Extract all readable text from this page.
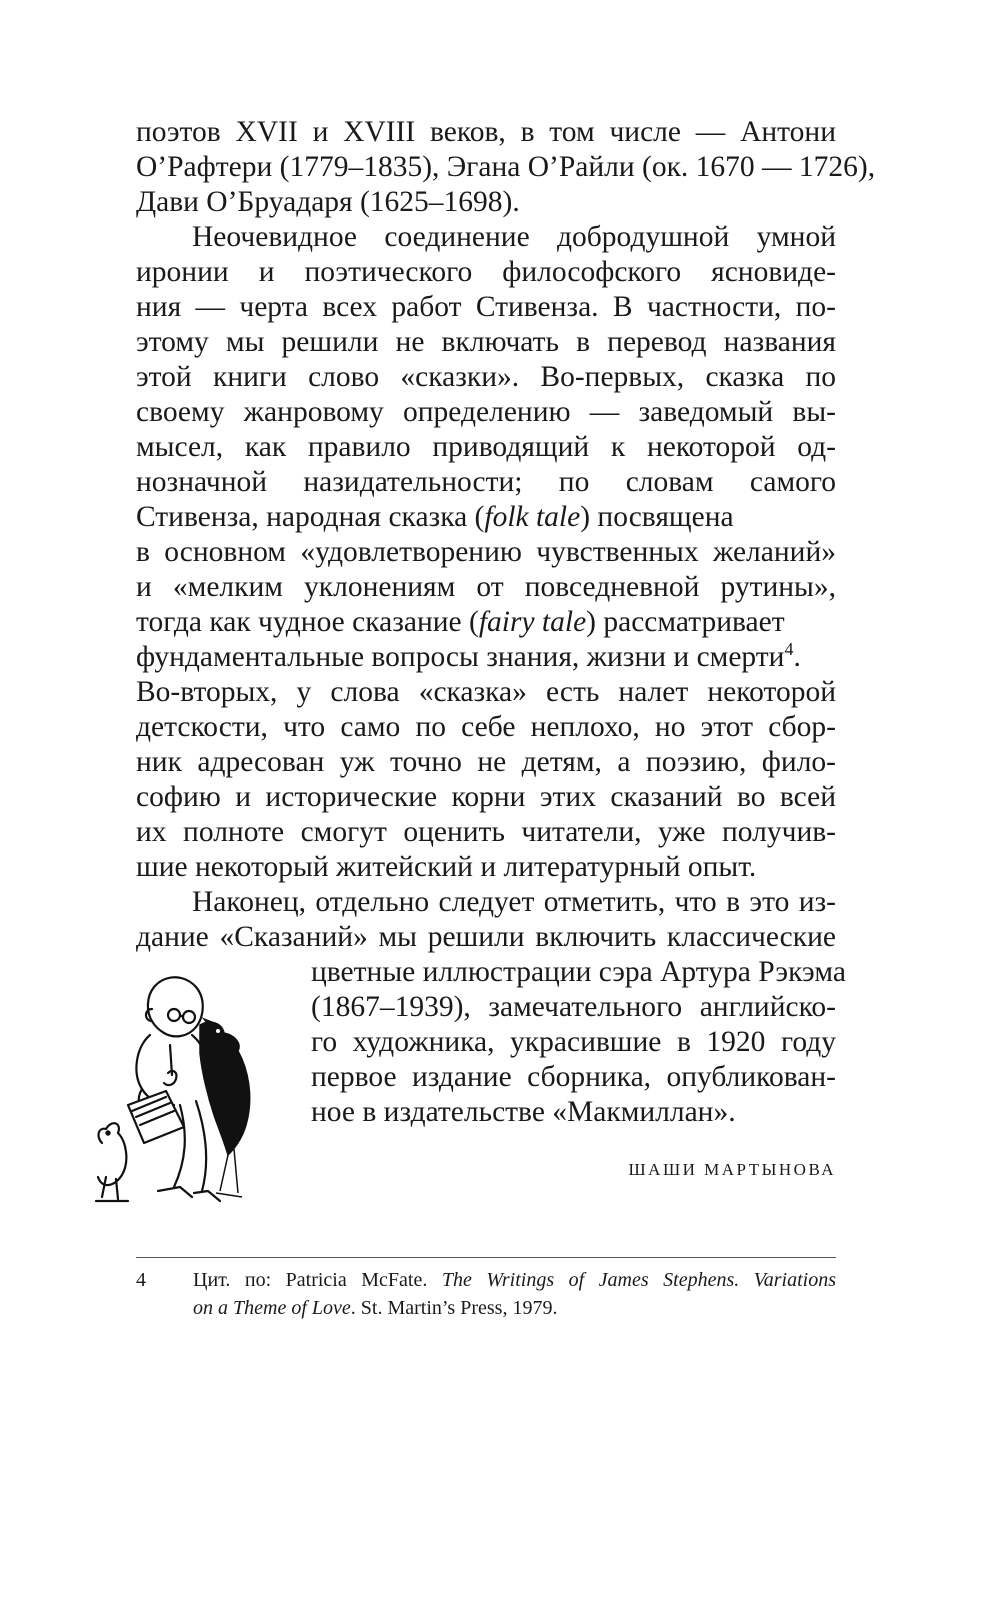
поэтов XVII и XVIII веков, в том числе — Антони
О’Рафтери (1779–1835), Эгана О’Райли (ок. 1670 — 1726),
Дави О’Бруадаря (1625–1698).
Неочевидное соединение добродушной умной
иронии и поэтического философского ясновиде-
ния — черта всех работ Стивенза. В частности, по-
этому мы решили не включать в перевод названия
этой книги слово «сказки». Во-первых, сказка по
своему жанровому определению — заведомый вы-
мысел, как правило приводящий к некоторой од-
нозначной назидательности; по словам самого
Стивенза, народная сказка (folk tale) посвящена
в основном «удовлетворению чувственных желаний»
и «мелким уклонениям от повседневной рутины»,
тогда как чудное сказание (fairy tale) рассматривает
фундаментальные вопросы знания, жизни и смерти$^4$.
Во-вторых, у слова «сказка» есть налет некоторой
детскости, что само по себе неплохо, но этот сбор-
ник адресован уж точно не детям, а поэзию, фило-
софию и исторические корни этих сказаний во всей
их полноте смогут оценить читатели, уже получив-
шие некоторый житейский и литературный опыт.
Наконец, отдельно следует отметить, что в это из-
дание «Сказаний» мы решили включить классические
цветные иллюстрации сэра Артура Рэкэма
(1867–1939), замечательного английско-
го художника, украсившие в 1920 году
первое издание сборника, опубликован-
ное в издательстве «Макмиллан».
ШАШИ МАРТЫНОВА
4 Цит. по: Patricia McFate. The Writings of James Stephens. Variations
on a Theme of Love. St. Martin’s Press, 1979.
